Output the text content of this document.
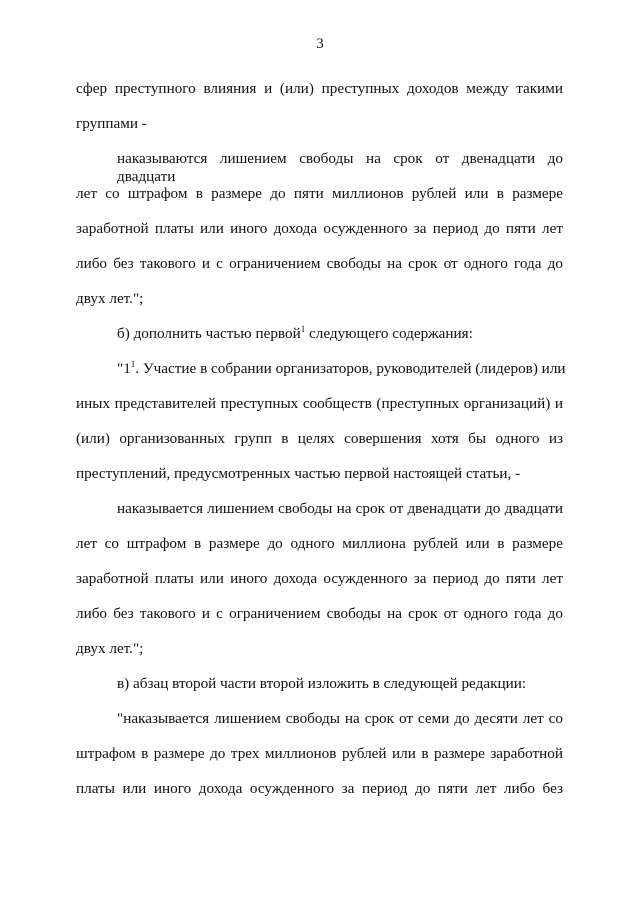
3
сфер преступного влияния и (или) преступных доходов между такими
группами -
наказываются лишением свободы на срок от двенадцати до двадцати
лет со штрафом в размере до пяти миллионов рублей или в размере
заработной платы или иного дохода осужденного за период до пяти лет
либо без такового и с ограничением свободы на срок от одного года до
двух лет.";
б) дополнить частью первой$^1$ следующего содержания:
"$1^1$. Участие в собрании организаторов, руководителей (лидеров) или
иных представителей преступных сообществ (преступных организаций) и
(или) организованных групп в целях совершения хотя бы одного из
преступлений, предусмотренных частью первой настоящей статьи, -
наказывается лишением свободы на срок от двенадцати до двадцати
лет со штрафом в размере до одного миллиона рублей или в размере
заработной платы или иного дохода осужденного за период до пяти лет
либо без такового и с ограничением свободы на срок от одного года до
двух лет.";
в) абзац второй части второй изложить в следующей редакции:
"наказывается лишением свободы на срок от семи до десяти лет со
штрафом в размере до трех миллионов рублей или в размере заработной
платы или иного дохода осужденного за период до пяти лет либо без
